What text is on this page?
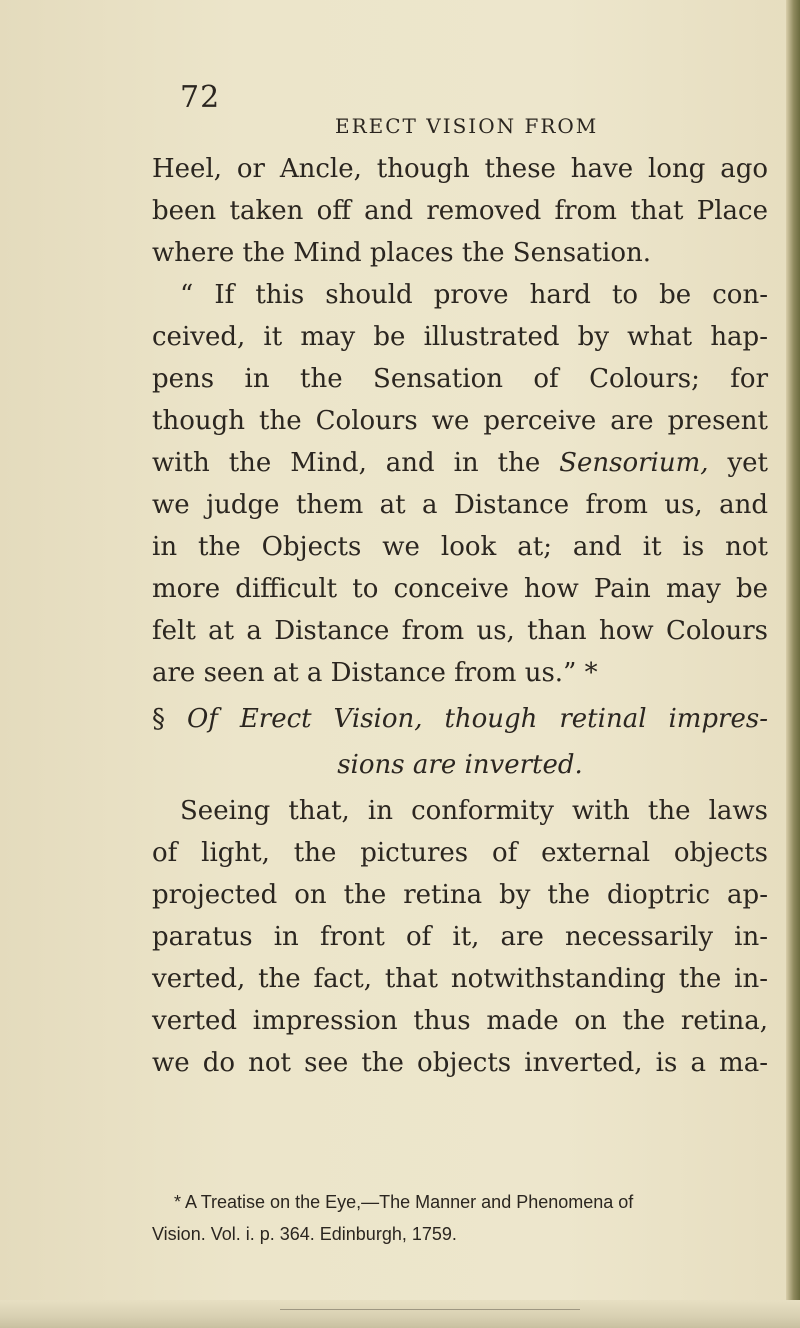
72
ERECT VISION FROM
Heel, or Ancle, though these have long ago
been taken off and removed from that Place
where the Mind places the Sensation.
“ If this should prove hard to be con-
ceived, it may be illustrated by what hap-
pens in the Sensation of Colours; for
though the Colours we perceive are present
with the Mind, and in the Sensorium, yet
we judge them at a Distance from us, and
in the Objects we look at; and it is not
more difficult to conceive how Pain may be
felt at a Distance from us, than how Colours
are seen at a Distance from us.” *
§ Of Erect Vision, though retinal impres-
sions are inverted.
Seeing that, in conformity with the laws
of light, the pictures of external objects
projected on the retina by the dioptric ap-
paratus in front of it, are necessarily in-
verted, the fact, that notwithstanding the in-
verted impression thus made on the retina,
we do not see the objects inverted, is a ma-
* A Treatise on the Eye,—The Manner and Phenomena of
Vision. Vol. i. p. 364. Edinburgh, 1759.
